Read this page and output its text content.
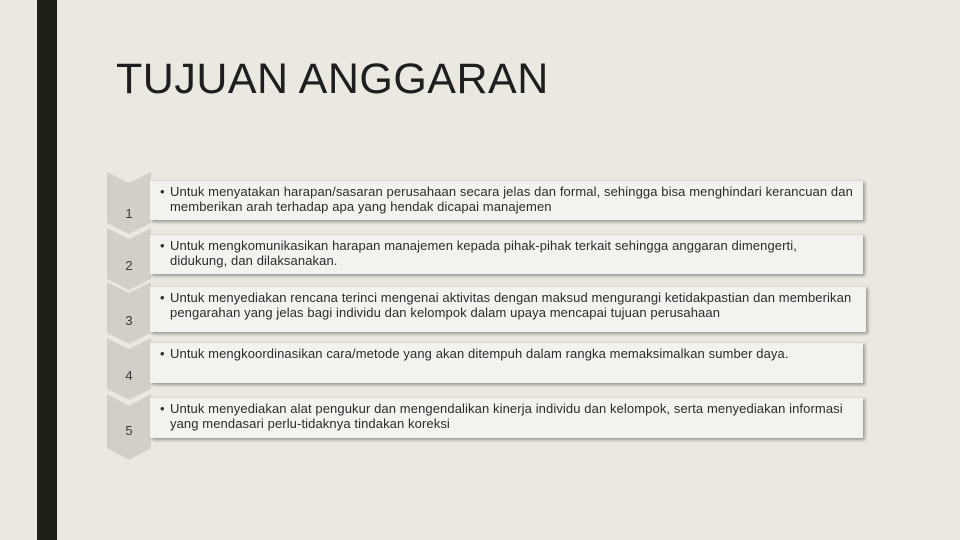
TUJUAN ANGGARAN
1
• Untuk menyatakan harapan/sasaran perusahaan secara jelas dan formal, sehingga bisa menghindari kerancuan dan memberikan arah terhadap apa yang hendak dicapai manajemen
2
• Untuk mengkomunikasikan harapan manajemen kepada pihak-pihak terkait sehingga anggaran dimengerti, didukung, dan dilaksanakan.
3
• Untuk menyediakan rencana terinci mengenai aktivitas dengan maksud mengurangi ketidakpastian dan memberikan pengarahan yang jelas bagi individu dan kelompok dalam upaya mencapai tujuan perusahaan
4
• Untuk mengkoordinasikan cara/metode yang akan ditempuh dalam rangka memaksimalkan sumber daya.
5
• Untuk menyediakan alat pengukur dan mengendalikan kinerja individu dan kelompok, serta menyediakan informasi yang mendasari perlu-tidaknya tindakan koreksi
